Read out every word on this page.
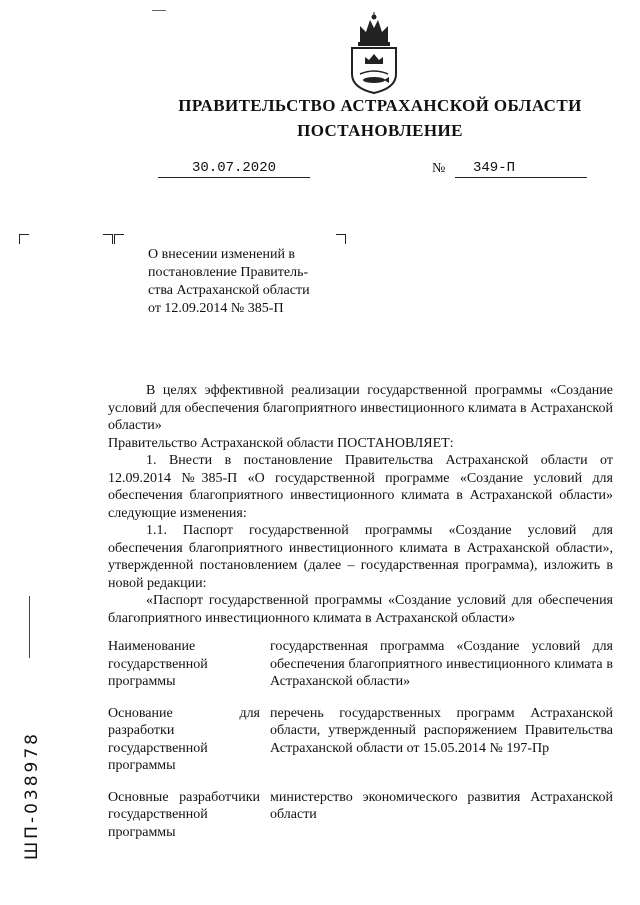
ПРАВИТЕЛЬСТВО АСТРАХАНСКОЙ ОБЛАСТИ
ПОСТАНОВЛЕНИЕ
30.07.2020	№	349-П
О внесении изменений в
постановление Правитель-
ства Астраханской области
от 12.09.2014 № 385-П

В целях эффективной реализации государственной программы «Создание условий для обеспечения благоприятного инвестиционного климата в Астраханской области»

Правительство Астраханской области ПОСТАНОВЛЯЕТ:

1. Внести в постановление Правительства Астраханской области от 12.09.2014 №385-П «О государственной программе «Создание условий для обеспечения благоприятного инвестиционного климата в Астраханской области» следующие изменения:

1.1. Паспорт государственной программы «Создание условий для обеспечения благоприятного инвестиционного климата в Астраханской области», утвержденной постановлением (далее – государственная программа), изложить в новой редакции:

«Паспорт государственной программы «Создание условий для обеспечения благоприятного инвестиционного климата в Астраханской области»

Наименование государственной программы	государственная программа «Создание условий для обеспечения благоприятного инвестиционного климата в Астраханской области»
Основание для разработки государственной программы	перечень государственных программ Астраханской области, утвержденный распоряжением Правительства Астраханской области от 15.05.2014 № 197-Пр
Основные разработчики государственной программы	министерство экономического развития Астраханской области
ШП-038978
